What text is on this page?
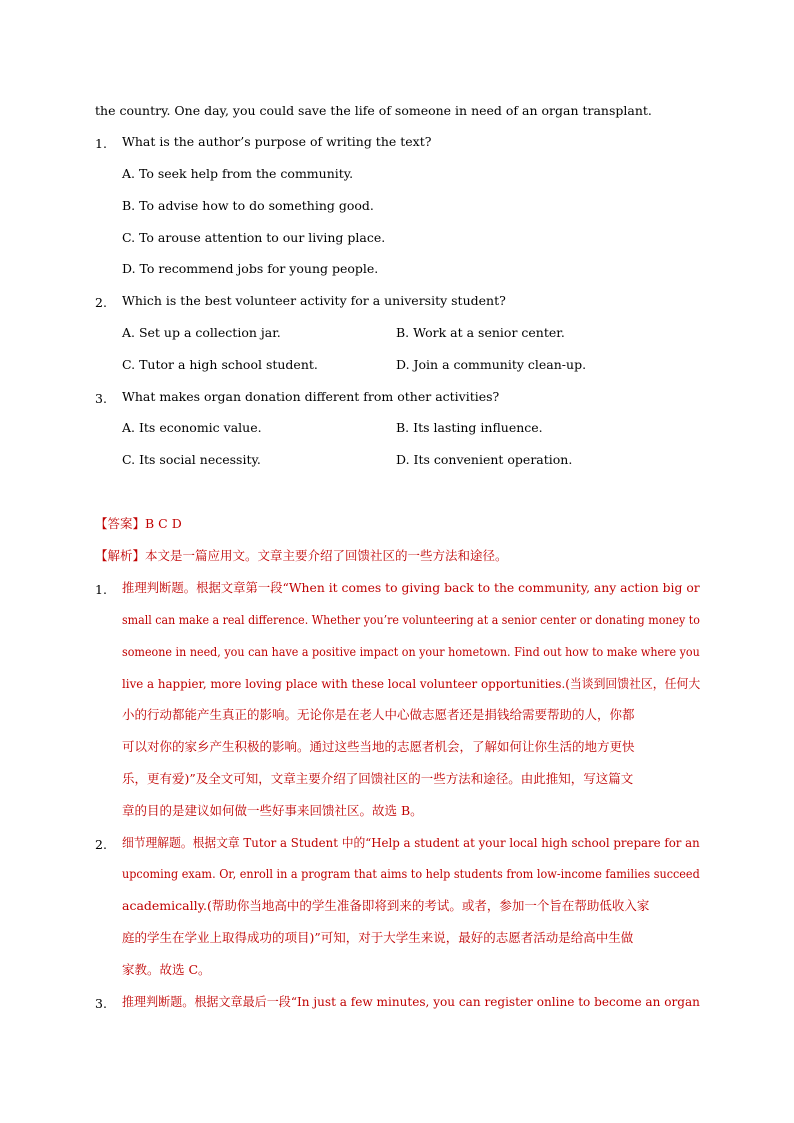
the country. One day, you could save the life of someone in need of an organ transplant.
1. What is the author’s purpose of writing the text?
A. To seek help from the community.
B. To advise how to do something good.
C. To arouse attention to our living place.
D. To recommend jobs for young people.
2. Which is the best volunteer activity for a university student?
A. Set up a collection jar.	B. Work at a senior center.
C. Tutor a high school student.	D. Join a community clean-up.
3. What makes organ donation different from other activities?
A. Its economic value.	B. Its lasting influence.
C. Its social necessity.	D. Its convenient operation.
【答案】B C D
【解析】本文是一篇应用文。文章主要介绍了回馈社区的一些方法和途径。
1. 推理判断题。根据文章第一段“When it comes to giving back to the community, any action big or
small can make a real difference. Whether you’re volunteering at a senior center or donating money to
someone in need, you can have a positive impact on your hometown. Find out how to make where you
live a happier, more loving place with these local volunteer opportunities.(当谈到回馈社区，任何大
小的行动都能产生真正的影响。无论你是在老人中心做志愿者还是捐钱给需要帮助的人，你都
可以对你的家乡产生积极的影响。通过这些当地的志愿者机会，了解如何让你生活的地方更快
乐，更有爱)”及全文可知，文章主要介绍了回馈社区的一些方法和途径。由此推知，写这篇文
章的目的是建议如何做一些好事来回馈社区。故选 B。
2. 细节理解题。根据文章 Tutor a Student 中的“Help a student at your local high school prepare for an
upcoming exam. Or, enroll in a program that aims to help students from low-income families succeed
academically.(帮助你当地高中的学生准备即将到来的考试。或者，参加一个旨在帮助低收入家
庭的学生在学业上取得成功的项目)”可知，对于大学生来说，最好的志愿者活动是给高中生做
家教。故选 C。
3. 推理判断题。根据文章最后一段“In just a few minutes, you can register online to become an organ
